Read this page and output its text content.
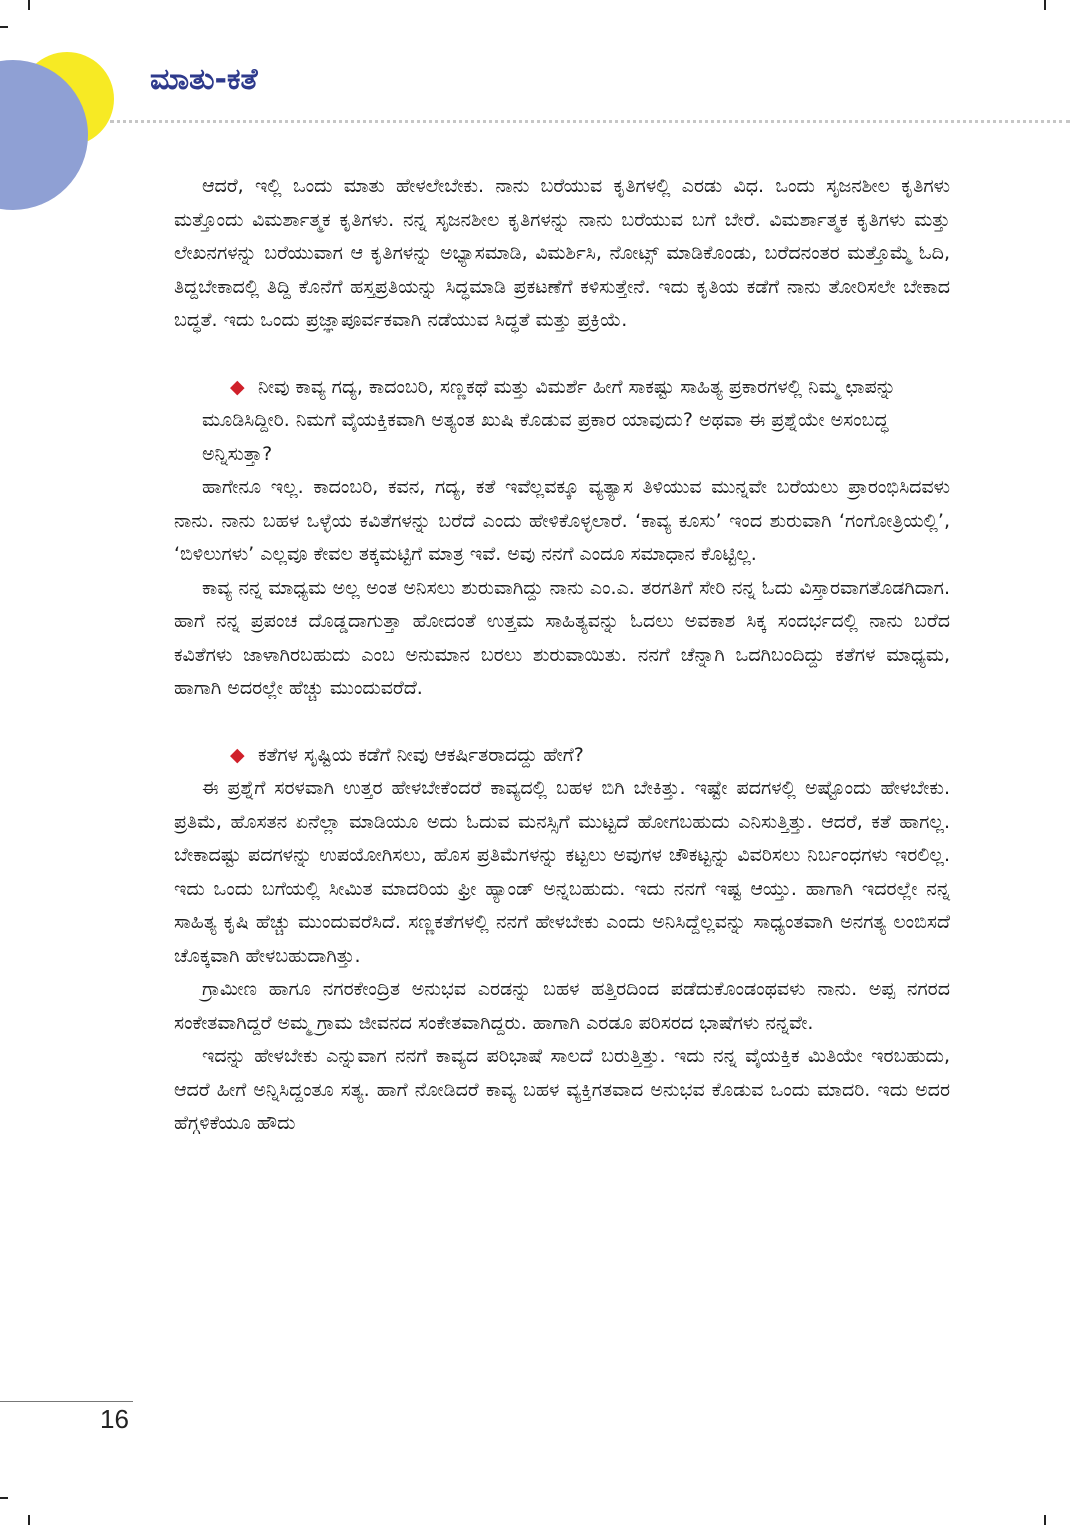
ಮಾತು-ಕತೆ

ಆದರೆ, ಇಲ್ಲಿ ಒಂದು ಮಾತು ಹೇಳಲೇಬೇಕು. ನಾನು ಬರೆಯುವ ಕೃತಿಗಳಲ್ಲಿ ಎರಡು ವಿಧ. ಒಂದು ಸೃಜನಶೀಲ ಕೃತಿಗಳು ಮತ್ತೊಂದು ವಿಮರ್ಶಾತ್ಮಕ ಕೃತಿಗಳು. ನನ್ನ ಸೃಜನಶೀಲ ಕೃತಿಗಳನ್ನು ನಾನು ಬರೆಯುವ ಬಗೆ ಬೇರೆ. ವಿಮರ್ಶಾತ್ಮಕ ಕೃತಿಗಳು ಮತ್ತು ಲೇಖನಗಳನ್ನು ಬರೆಯುವಾಗ ಆ ಕೃತಿಗಳನ್ನು ಅಭ್ಯಾಸಮಾಡಿ, ವಿಮರ್ಶಿಸಿ, ನೋಟ್ಸ್ ಮಾಡಿಕೊಂಡು, ಬರೆದನಂತರ ಮತ್ತೊಮ್ಮೆ ಓದಿ, ತಿದ್ದಬೇಕಾದಲ್ಲಿ ತಿದ್ದಿ ಕೊನೆಗೆ ಹಸ್ತಪ್ರತಿಯನ್ನು ಸಿದ್ಧಮಾಡಿ ಪ್ರಕಟಣೆಗೆ ಕಳಿಸುತ್ತೇನೆ. ಇದು ಕೃತಿಯ ಕಡೆಗೆ ನಾನು ತೋರಿಸಲೇ ಬೇಕಾದ ಬದ್ಧತೆ. ಇದು ಒಂದು ಪ್ರಜ್ಞಾಪೂರ್ವಕವಾಗಿ ನಡೆಯುವ ಸಿದ್ಧತೆ ಮತ್ತು ಪ್ರಕ್ರಿಯೆ.

◆ ನೀವು ಕಾವ್ಯ ಗದ್ಯ, ಕಾದಂಬರಿ, ಸಣ್ಣಕಥೆ ಮತ್ತು ವಿಮರ್ಶೆ ಹೀಗೆ ಸಾಕಷ್ಟು ಸಾಹಿತ್ಯ ಪ್ರಕಾರಗಳಲ್ಲಿ ನಿಮ್ಮ ಛಾಪನ್ನು ಮೂಡಿಸಿದ್ದೀರಿ. ನಿಮಗೆ ವೈಯಕ್ತಿಕವಾಗಿ ಅತ್ಯಂತ ಖುಷಿ ಕೊಡುವ ಪ್ರಕಾರ ಯಾವುದು? ಅಥವಾ ಈ ಪ್ರಶ್ನೆಯೇ ಅಸಂಬದ್ಧ ಅನ್ನಿಸುತ್ತಾ?

ಹಾಗೇನೂ ಇಲ್ಲ. ಕಾದಂಬರಿ, ಕವನ, ಗದ್ಯ, ಕತೆ ಇವೆಲ್ಲವಕ್ಕೂ ವ್ಯತ್ಯಾಸ ತಿಳಿಯುವ ಮುನ್ನವೇ ಬರೆಯಲು ಪ್ರಾರಂಭಿಸಿದವಳು ನಾನು. ನಾನು ಬಹಳ ಒಳ್ಳೆಯ ಕವಿತೆಗಳನ್ನು ಬರೆದೆ ಎಂದು ಹೇಳಿಕೊಳ್ಳಲಾರೆ. ‘ಕಾವ್ಯ ಕೂಸು’ ಇಂದ ಶುರುವಾಗಿ ‘ಗಂಗೋತ್ರಿಯಲ್ಲಿ’, ‘ಬಿಳಿಲುಗಳು’ ಎಲ್ಲವೂ ಕೇವಲ ತಕ್ಕಮಟ್ಟಿಗೆ ಮಾತ್ರ ಇವೆ. ಅವು ನನಗೆ ಎಂದೂ ಸಮಾಧಾನ ಕೊಟ್ಟಿಲ್ಲ.

ಕಾವ್ಯ ನನ್ನ ಮಾಧ್ಯಮ ಅಲ್ಲ ಅಂತ ಅನಿಸಲು ಶುರುವಾಗಿದ್ದು ನಾನು ಎಂ.ಎ. ತರಗತಿಗೆ ಸೇರಿ ನನ್ನ ಓದು ವಿಸ್ತಾರವಾಗತೊಡಗಿದಾಗ. ಹಾಗೆ ನನ್ನ ಪ್ರಪಂಚ ದೊಡ್ಡದಾಗುತ್ತಾ ಹೋದಂತೆ ಉತ್ತಮ ಸಾಹಿತ್ಯವನ್ನು ಓದಲು ಅವಕಾಶ ಸಿಕ್ಕ ಸಂದರ್ಭದಲ್ಲಿ ನಾನು ಬರೆದ ಕವಿತೆಗಳು ಜಾಳಾಗಿರಬಹುದು ಎಂಬ ಅನುಮಾನ ಬರಲು ಶುರುವಾಯಿತು. ನನಗೆ ಚೆನ್ನಾಗಿ ಒದಗಿಬಂದಿದ್ದು ಕತೆಗಳ ಮಾಧ್ಯಮ, ಹಾಗಾಗಿ ಅದರಲ್ಲೇ ಹೆಚ್ಚು ಮುಂದುವರೆದೆ.

◆ ಕತೆಗಳ ಸೃಷ್ಟಿಯ ಕಡೆಗೆ ನೀವು ಆಕರ್ಷಿತರಾದದ್ದು ಹೇಗೆ?

ಈ ಪ್ರಶ್ನೆಗೆ ಸರಳವಾಗಿ ಉತ್ತರ ಹೇಳಬೇಕೆಂದರೆ ಕಾವ್ಯದಲ್ಲಿ ಬಹಳ ಬಿಗಿ ಬೇಕಿತ್ತು. ಇಷ್ಟೇ ಪದಗಳಲ್ಲಿ ಅಷ್ಟೊಂದು ಹೇಳಬೇಕು. ಪ್ರತಿಮೆ, ಹೊಸತನ ಏನೆಲ್ಲಾ ಮಾಡಿಯೂ ಅದು ಓದುವ ಮನಸ್ಸಿಗೆ ಮುಟ್ಟದೆ ಹೋಗಬಹುದು ಎನಿಸುತ್ತಿತ್ತು. ಆದರೆ, ಕತೆ ಹಾಗಲ್ಲ. ಬೇಕಾದಷ್ಟು ಪದಗಳನ್ನು ಉಪಯೋಗಿಸಲು, ಹೊಸ ಪ್ರತಿಮೆಗಳನ್ನು ಕಟ್ಟಲು ಅವುಗಳ ಚೌಕಟ್ಟನ್ನು ವಿವರಿಸಲು ನಿರ್ಬಂಧಗಳು ಇರಲಿಲ್ಲ. ಇದು ಒಂದು ಬಗೆಯಲ್ಲಿ ಸೀಮಿತ ಮಾದರಿಯ ಫ್ರೀ ಹ್ಯಾಂಡ್ ಅನ್ನಬಹುದು. ಇದು ನನಗೆ ಇಷ್ಟ ಆಯ್ತು. ಹಾಗಾಗಿ ಇದರಲ್ಲೇ ನನ್ನ ಸಾಹಿತ್ಯ ಕೃಷಿ ಹೆಚ್ಚು ಮುಂದುವರೆಸಿದೆ. ಸಣ್ಣಕತೆಗಳಲ್ಲಿ ನನಗೆ ಹೇಳಬೇಕು ಎಂದು ಅನಿಸಿದ್ದೆಲ್ಲವನ್ನು ಸಾಧ್ಯಂತವಾಗಿ ಅನಗತ್ಯ ಲಂಬಿಸದೆ ಚೊಕ್ಕವಾಗಿ ಹೇಳಬಹುದಾಗಿತ್ತು.

ಗ್ರಾಮೀಣ ಹಾಗೂ ನಗರಕೇಂದ್ರಿತ ಅನುಭವ ಎರಡನ್ನು ಬಹಳ ಹತ್ತಿರದಿಂದ ಪಡೆದುಕೊಂಡಂಥವಳು ನಾನು. ಅಪ್ಪ ನಗರದ ಸಂಕೇತವಾಗಿದ್ದರೆ ಅಮ್ಮ ಗ್ರಾಮ ಜೀವನದ ಸಂಕೇತವಾಗಿದ್ದರು. ಹಾಗಾಗಿ ಎರಡೂ ಪರಿಸರದ ಭಾಷೆಗಳು ನನ್ನವೇ.

ಇದನ್ನು ಹೇಳಬೇಕು ಎನ್ನುವಾಗ ನನಗೆ ಕಾವ್ಯದ ಪರಿಭಾಷೆ ಸಾಲದೆ ಬರುತ್ತಿತ್ತು. ಇದು ನನ್ನ ವೈಯಕ್ತಿಕ ಮಿತಿಯೇ ಇರಬಹುದು, ಆದರೆ ಹೀಗೆ ಅನ್ನಿಸಿದ್ದಂತೂ ಸತ್ಯ. ಹಾಗೆ ನೋಡಿದರೆ ಕಾವ್ಯ ಬಹಳ ವ್ಯಕ್ತಿಗತವಾದ ಅನುಭವ ಕೊಡುವ ಒಂದು ಮಾದರಿ. ಇದು ಅದರ ಹೆಗ್ಗಳಿಕೆಯೂ ಹೌದು

16
